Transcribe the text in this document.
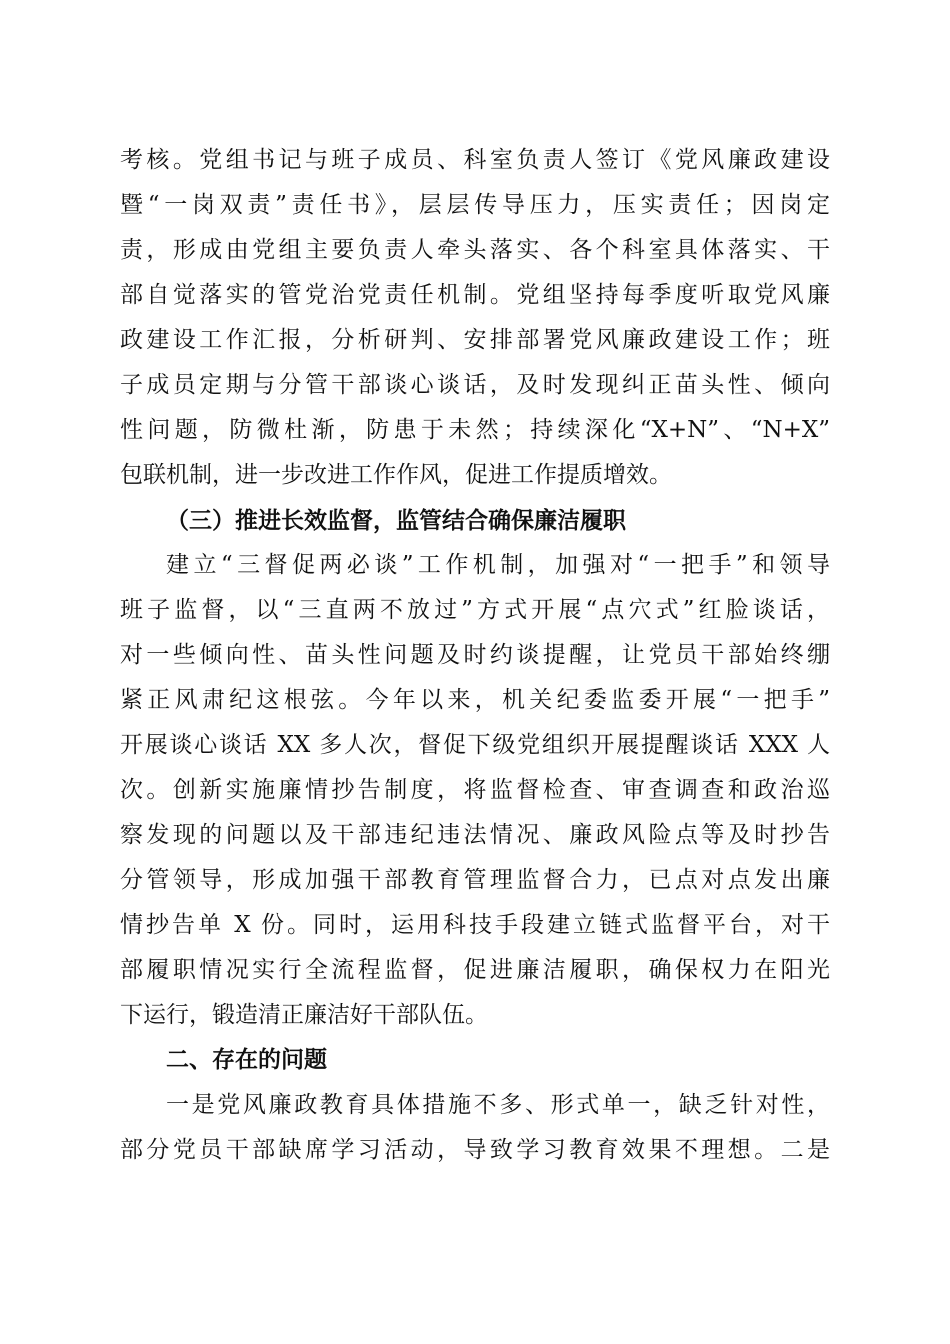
考核。党组书记与班子成员、科室负责人签订《党风廉政建设
暨“一岗双责”责任书》，层层传导压力，压实责任；因岗定
责，形成由党组主要负责人牵头落实、各个科室具体落实、干
部自觉落实的管党治党责任机制。党组坚持每季度听取党风廉
政建设工作汇报，分析研判、安排部署党风廉政建设工作；班
子成员定期与分管干部谈心谈话，及时发现纠正苗头性、倾向
性问题，防微杜渐，防患于未然；持续深化“X+N”、“N+X”
包联机制，进一步改进工作作风，促进工作提质增效。
（三）推进长效监督，监管结合确保廉洁履职
建立“三督促两必谈”工作机制，加强对“一把手”和领导
班子监督，以“三直两不放过”方式开展“点穴式”红脸谈话，
对一些倾向性、苗头性问题及时约谈提醒，让党员干部始终绷
紧正风肃纪这根弦。今年以来，机关纪委监委开展“一把手”
开展谈心谈话 XX 多人次，督促下级党组织开展提醒谈话 XXX 人
次。创新实施廉情抄告制度，将监督检查、审查调查和政治巡
察发现的问题以及干部违纪违法情况、廉政风险点等及时抄告
分管领导，形成加强干部教育管理监督合力，已点对点发出廉
情抄告单 X 份。同时，运用科技手段建立链式监督平台，对干
部履职情况实行全流程监督，促进廉洁履职，确保权力在阳光
下运行，锻造清正廉洁好干部队伍。
二、存在的问题
一是党风廉政教育具体措施不多、形式单一，缺乏针对性，
部分党员干部缺席学习活动，导致学习教育效果不理想。二是
